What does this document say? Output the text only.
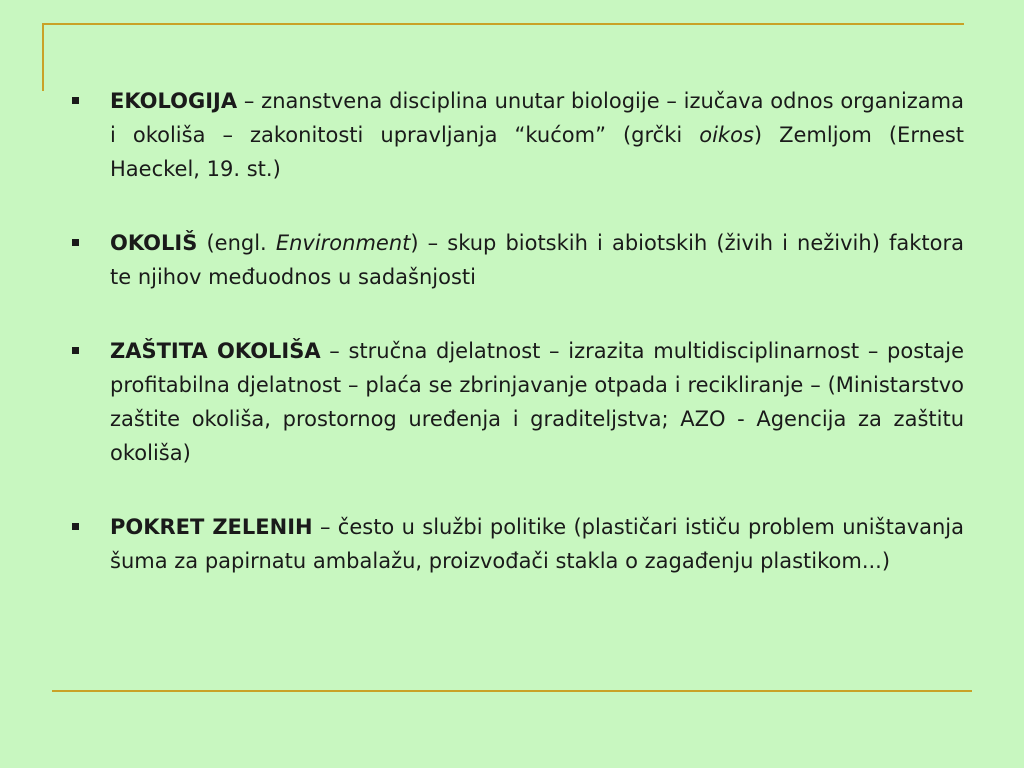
EKOLOGIJA – znanstvena disciplina unutar biologije – izučava odnos organizama i okoliša – zakonitosti upravljanja “kućom” (grčki oikos) Zemljom (Ernest Haeckel, 19. st.)

OKOLIŠ (engl. Environment) – skup biotskih i abiotskih (živih i neživih) faktora te njihov međuodnos u sadašnjosti

ZAŠTITA OKOLIŠA – stručna djelatnost – izrazita multidisciplinarnost – postaje profitabilna djelatnost – plaća se zbrinjavanje otpada i recikliranje – (Ministarstvo zaštite okoliša, prostornog uređenja i graditeljstva; AZO - Agencija za zaštitu okoliša)

POKRET ZELENIH – često u službi politike (plastičari ističu problem uništavanja šuma za papirnatu ambalažu, proizvođači stakla o zagađenju plastikom...)
